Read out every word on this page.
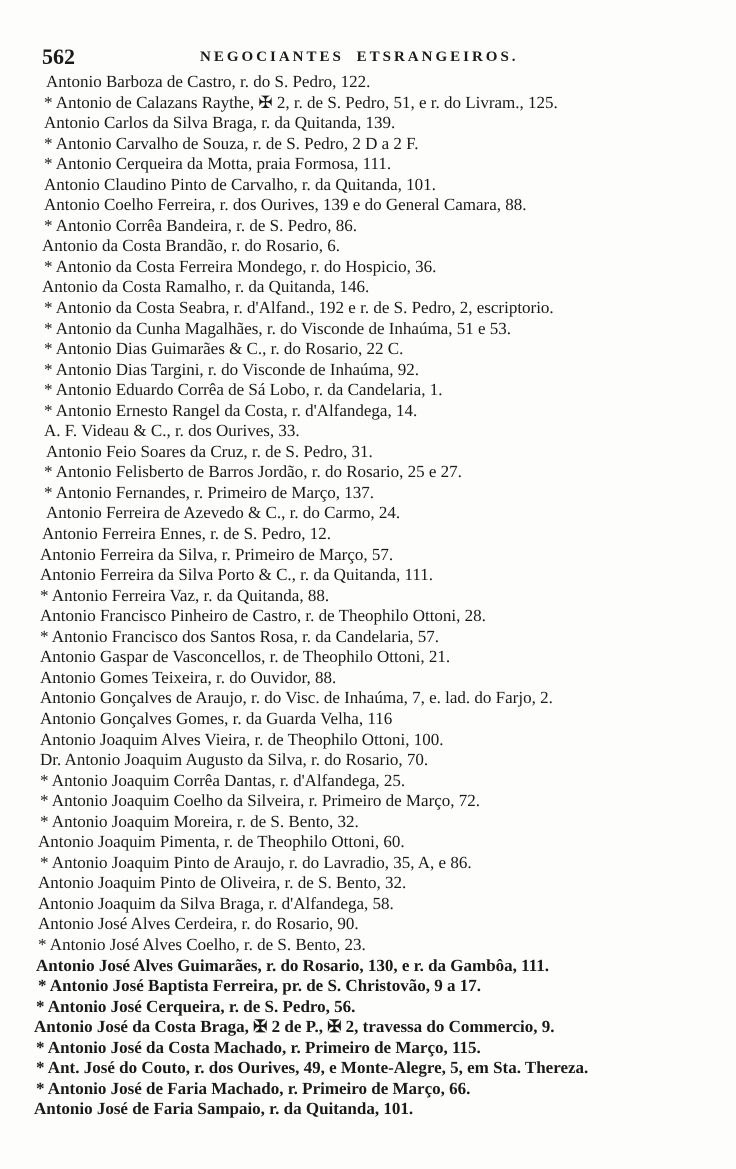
562	NEGOCIANTES ETSRANGEIROS.
Antonio Barboza de Castro, r. do S. Pedro, 122.
* Antonio de Calazans Raythe, ✠ 2, r. de S. Pedro, 51, e r. do Livram., 125.
Antonio Carlos da Silva Braga, r. da Quitanda, 139.
* Antonio Carvalho de Souza, r. de S. Pedro, 2 D a 2 F.
* Antonio Cerqueira da Motta, praia Formosa, 111.
Antonio Claudino Pinto de Carvalho, r. da Quitanda, 101.
Antonio Coelho Ferreira, r. dos Ourives, 139 e do General Camara, 88.
* Antonio Corrêa Bandeira, r. de S. Pedro, 86.
Antonio da Costa Brandão, r. do Rosario, 6.
* Antonio da Costa Ferreira Mondego, r. do Hospicio, 36.
Antonio da Costa Ramalho, r. da Quitanda, 146.
* Antonio da Costa Seabra, r. d'Alfand., 192 e r. de S. Pedro, 2, escriptorio.
* Antonio da Cunha Magalhães, r. do Visconde de Inhaúma, 51 e 53.
* Antonio Dias Guimarães & C., r. do Rosario, 22 C.
* Antonio Dias Targini, r. do Visconde de Inhaúma, 92.
* Antonio Eduardo Corrêa de Sá Lobo, r. da Candelaria, 1.
* Antonio Ernesto Rangel da Costa, r. d'Alfandega, 14.
A. F. Videau & C., r. dos Ourives, 33.
Antonio Feio Soares da Cruz, r. de S. Pedro, 31.
* Antonio Felisberto de Barros Jordão, r. do Rosario, 25 e 27.
* Antonio Fernandes, r. Primeiro de Março, 137.
Antonio Ferreira de Azevedo & C., r. do Carmo, 24.
Antonio Ferreira Ennes, r. de S. Pedro, 12.
Antonio Ferreira da Silva, r. Primeiro de Março, 57.
Antonio Ferreira da Silva Porto & C., r. da Quitanda, 111.
* Antonio Ferreira Vaz, r. da Quitanda, 88.
Antonio Francisco Pinheiro de Castro, r. de Theophilo Ottoni, 28.
* Antonio Francisco dos Santos Rosa, r. da Candelaria, 57.
Antonio Gaspar de Vasconcellos, r. de Theophilo Ottoni, 21.
Antonio Gomes Teixeira, r. do Ouvidor, 88.
Antonio Gonçalves de Araujo, r. do Visc. de Inhaúma, 7, e. lad. do Farjo, 2.
Antonio Gonçalves Gomes, r. da Guarda Velha, 116
Antonio Joaquim Alves Vieira, r. de Theophilo Ottoni, 100.
Dr. Antonio Joaquim Augusto da Silva, r. do Rosario, 70.
* Antonio Joaquim Corrêa Dantas, r. d'Alfandega, 25.
* Antonio Joaquim Coelho da Silveira, r. Primeiro de Março, 72.
* Antonio Joaquim Moreira, r. de S. Bento, 32.
Antonio Joaquim Pimenta, r. de Theophilo Ottoni, 60.
* Antonio Joaquim Pinto de Araujo, r. do Lavradio, 35, A, e 86.
Antonio Joaquim Pinto de Oliveira, r. de S. Bento, 32.
Antonio Joaquim da Silva Braga, r. d'Alfandega, 58.
Antonio José Alves Cerdeira, r. do Rosario, 90.
* Antonio José Alves Coelho, r. de S. Bento, 23.
Antonio José Alves Guimarães, r. do Rosario, 130, e r. da Gambôa, 111.
* Antonio José Baptista Ferreira, pr. de S. Christovão, 9 a 17.
* Antonio José Cerqueira, r. de S. Pedro, 56.
Antonio José da Costa Braga, ✠ 2 de P., ✠ 2, travessa do Commercio, 9.
* Antonio José da Costa Machado, r. Primeiro de Março, 115.
* Ant. José do Couto, r. dos Ourives, 49, e Monte-Alegre, 5, em Sta. Thereza.
* Antonio José de Faria Machado, r. Primeiro de Março, 66.
Antonio José de Faria Sampaio, r. da Quitanda, 101.
